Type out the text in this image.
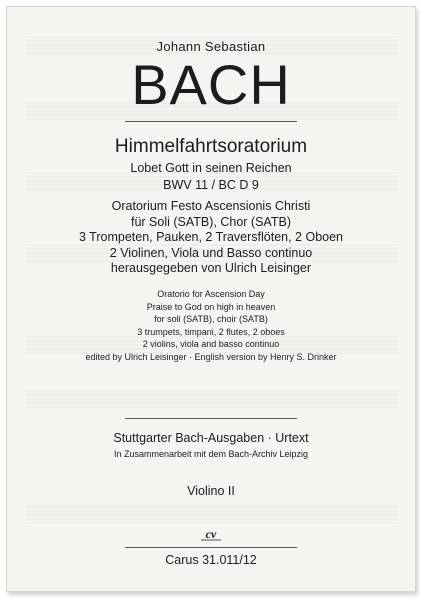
Johann Sebastian
BACH
Himmelfahrtsoratorium
Lobet Gott in seinen Reichen
BWV 11 / BC D 9
Oratorium Festo Ascensionis Christi
für Soli (SATB), Chor (SATB)
3 Trompeten, Pauken, 2 Traversflöten, 2 Oboen
2 Violinen, Viola und Basso continuo
herausgegeben von Ulrich Leisinger
Oratorio for Ascension Day
Praise to God on high in heaven
for soli (SATB), choir (SATB)
3 trumpets, timpani, 2 flutes, 2 oboes
2 violins, viola and basso continuo
edited by Ulrich Leisinger · English version by Henry S. Drinker
Stuttgarter Bach-Ausgaben · Urtext
In Zusammenarbeit mit dem Bach-Archiv Leipzig
Violino II
cv
Carus 31.011/12
